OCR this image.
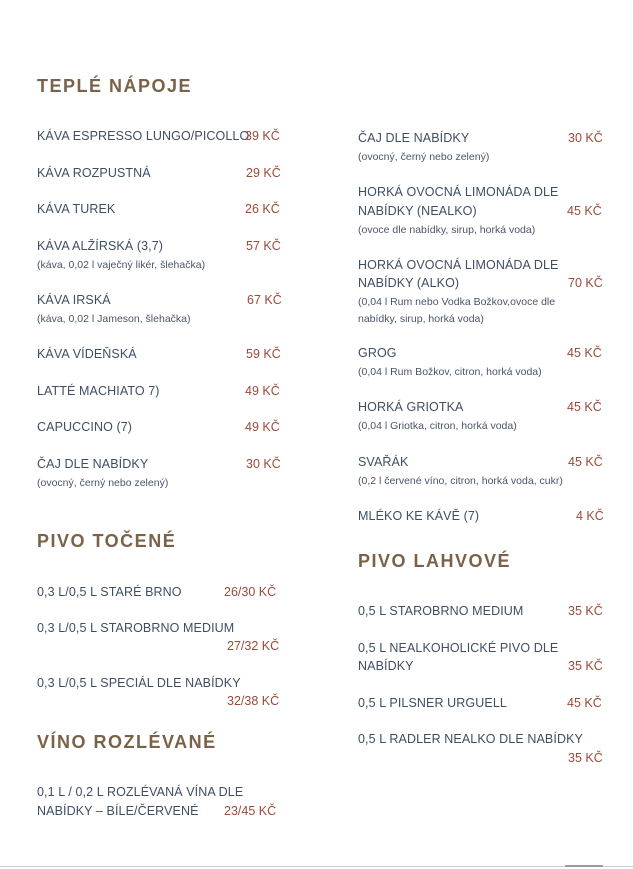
TEPLÉ NÁPOJE
PIVO TOČENÉ
VÍNO ROZLÉVANÉ
PIVO LAHVOVÉ
KÁVA ESPRESSO LUNGO/PICOLLO
39 KČ
KÁVA ROZPUSTNÁ	29 KČ
KÁVA TUREK	26 KČ
KÁVA ALŽÍRSKÁ (3,7)	57 KČ
(káva, 0,02 l vaječný likér, šlehačka)
KÁVA IRSKÁ	67 KČ
(káva, 0,02 l Jameson, šlehačka)
KÁVA VÍDEŇSKÁ	59 KČ
LATTÉ MACHIATO 7)	49 KČ
CAPUCCINO (7)	49 KČ
ČAJ DLE NABÍDKY	30 KČ
(ovocný, černý nebo zelený)
ČAJ DLE NABÍDKY	30 KČ
(ovocný, černý nebo zelený)
HORKÁ OVOCNÁ LIMONÁDA DLE
NABÍDKY (NEALKO)	45 KČ
(ovoce dle nabídky, sirup, horká voda)
HORKÁ OVOCNÁ LIMONÁDA DLE
NABÍDKY (ALKO)	70 KČ
(0,04 l Rum nebo Vodka Božkov,ovoce dle
nabídky, sirup, horká voda)
GROG	45 KČ
(0,04 l Rum Božkov, citron, horká voda)
HORKÁ GRIOTKA	45 KČ
(0,04 l Griotka, citron, horká voda)
SVAŘÁK	45 KČ
(0,2 l červené víno, citron, horká voda, cukr)
MLÉKO KE KÁVĚ (7)	4 KČ
0,3 L/0,5 L STARÉ BRNO	26/30 KČ
0,3 L/0,5 L STAROBRNO MEDIUM
27/32 KČ
0,3 L/0,5 L SPECIÁL DLE NABÍDKY
32/38 KČ
0,1 L / 0,2 L ROZLÉVANÁ VÍNA DLE
NABÍDKY – BÍLE/ČERVENÉ 23/45 KČ
0,5 L STAROBRNO MEDIUM	35 KČ
0,5 L NEALKOHOLICKÉ PIVO DLE
NABÍDKY	35 KČ
0,5 L PILSNER URGUELL	45 KČ
0,5 L RADLER NEALKO DLE NABÍDKY
35 KČ
